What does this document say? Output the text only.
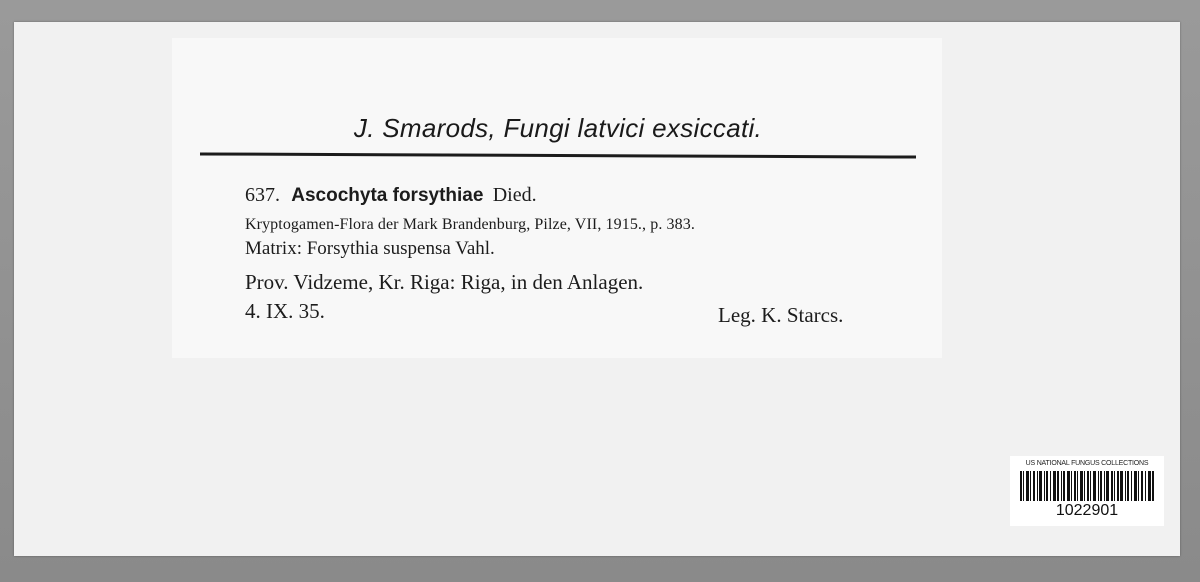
J. Smarods, Fungi latvici exsiccati.
637. Ascochyta forsythiae Died.
Kryptogamen-Flora der Mark Brandenburg, Pilze, VII, 1915., p. 383.
Matrix: Forsythia suspensa Vahl.
Prov. Vidzeme, Kr. Riga: Riga, in den Anlagen.
4. IX. 35.	Leg. K. Starcs.
US NATIONAL FUNGUS COLLECTIONS
1022901
